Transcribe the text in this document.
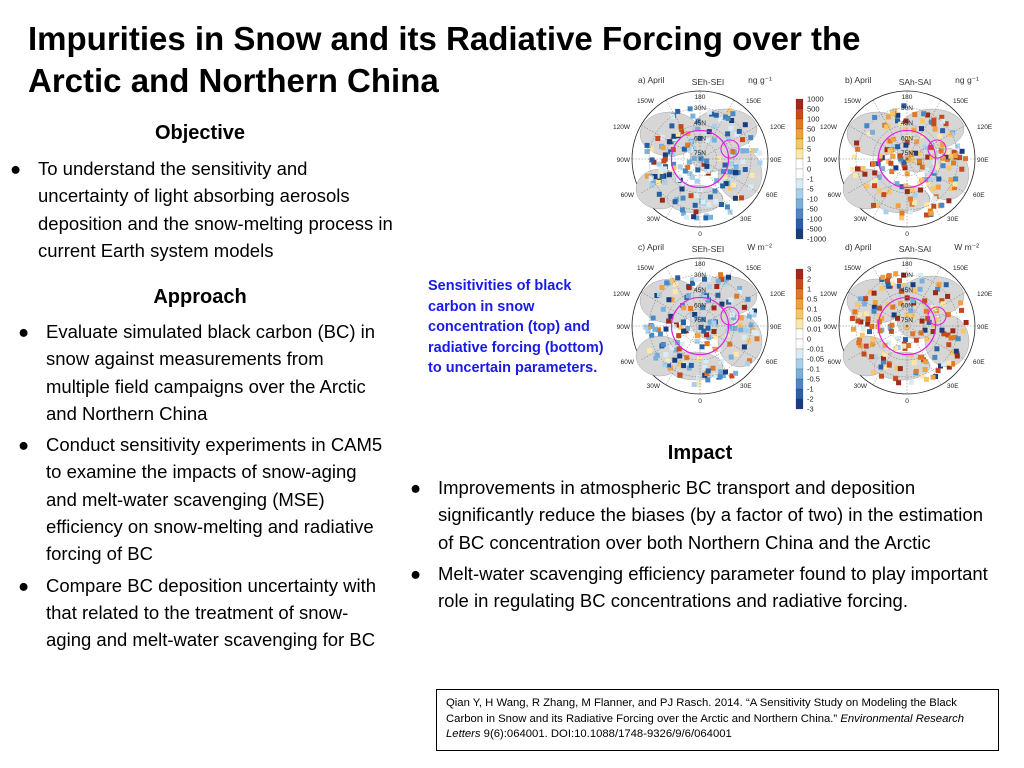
Impurities in Snow and its Radiative Forcing over the Arctic and Northern China
Objective
● To understand the sensitivity and uncertainty of light absorbing aerosols deposition and the snow-melting process in current Earth system models
Approach
● Evaluate simulated black carbon (BC) in snow against measurements from multiple field campaigns over the Arctic and Northern China
● Conduct sensitivity experiments in CAM5 to examine the impacts of snow-aging and melt-water scavenging (MSE) efficiency on snow-melting and radiative forcing of BC
● Compare BC deposition uncertainty with that related to the treatment of snow-aging and melt-water scavenging for BC
Sensitivities of black carbon in snow concentration (top) and radiative forcing (bottom) to uncertain parameters.
a) April	SEh-SEI	ng g⁻¹
180
150W	150E
120W	120E
90W	90E
60W	60E
30W	30E
0
30N
45N
60N
75N
b) April	SAh-SAI	ng g⁻¹
180
150W	150E
120W	120E
90W	90E
60W	60E
30W	30E
0
30N
45N
60N
75N
c) April	SEh-SEI	W m⁻²
180
150W	150E
120W	120E
90W	90E
60W	60E
30W	30E
0
30N
45N
60N
75N
d) April	SAh-SAI	W m⁻²
180
150W	150E
120W	120E
90W	90E
60W	60E
30W	30E
0
30N
45N
60N
75N
1000
500
100
50
10
5
1
0
-1
-5
-10
-50
-100
-500
-1000
3
2
1
0.5
0.1
0.05
0.01
0
-0.01
-0.05
-0.1
-0.5
-1
-2
-3
Impact
● Improvements in atmospheric BC transport and deposition significantly reduce the biases (by a factor of two) in the estimation of BC concentration over both Northern China and the Arctic
● Melt-water scavenging efficiency parameter found to play important role in regulating BC concentrations and radiative forcing.
Qian Y, H Wang, R Zhang, M Flanner, and PJ Rasch. 2014. “A Sensitivity Study on Modeling the Black Carbon in Snow and its Radiative Forcing over the Arctic and Northern China.” Environmental Research Letters 9(6):064001. DOI:10.1088/1748-9326/9/6/064001
